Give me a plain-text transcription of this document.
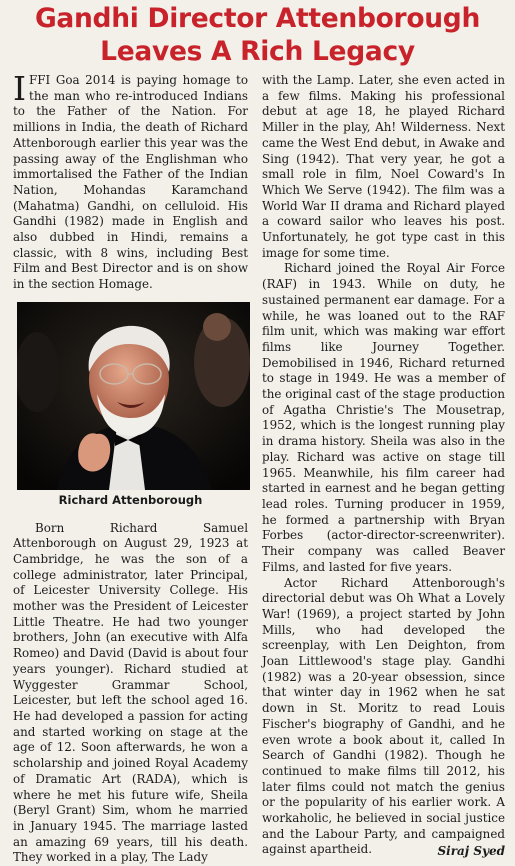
Gandhi Director Attenborough
Leaves A Rich Legacy

IFFI Goa 2014 is paying homage to the man who re-introduced Indians to the Father of the Nation. For millions in India, the death of Richard Attenborough earlier this year was the passing away of the Englishman who immortalised the Father of the Indian Nation, Mohandas Karamchand (Mahatma) Gandhi, on celluloid. His Gandhi (1982) made in English and also dubbed in Hindi, remains a classic, with 8 wins, including Best Film and Best Director and is on show in the section Homage.

Richard Attenborough

Born Richard Samuel Attenborough on August 29, 1923 at Cambridge, he was the son of a college administrator, later Principal, of Leicester University College. His mother was the President of Leicester Little Theatre. He had two younger brothers, John (an executive with Alfa Romeo) and David (David is about four years younger). Richard studied at Wyggester Grammar School, Leicester, but left the school aged 16. He had developed a passion for acting and started working on stage at the age of 12. Soon afterwards, he won a scholarship and joined Royal Academy of Dramatic Art (RADA), which is where he met his future wife, Sheila (Beryl Grant) Sim, whom he married in January 1945. The marriage lasted an amazing 69 years, till his death. They worked in a play, The Lady

with the Lamp. Later, she even acted in a few films. Making his professional debut at age 18, he played Richard Miller in the play, Ah! Wilderness. Next came the West End debut, in Awake and Sing (1942). That very year, he got a small role in film, Noel Coward's In Which We Serve (1942). The film was a World War II drama and Richard played a coward sailor who leaves his post. Unfortunately, he got type cast in this image for some time.

Richard joined the Royal Air Force (RAF) in 1943. While on duty, he sustained permanent ear damage. For a while, he was loaned out to the RAF film unit, which was making war effort films like Journey Together. Demobilised in 1946, Richard returned to stage in 1949. He was a member of the original cast of the stage production of Agatha Christie's The Mousetrap, 1952, which is the longest running play in drama history. Sheila was also in the play. Richard was active on stage till 1965. Meanwhile, his film career had started in earnest and he began getting lead roles. Turning producer in 1959, he formed a partnership with Bryan Forbes (actor-director-screenwriter). Their company was called Beaver Films, and lasted for five years.

Actor Richard Attenborough's directorial debut was Oh What a Lovely War! (1969), a project started by John Mills, who had developed the screenplay, with Len Deighton, from Joan Littlewood's stage play. Gandhi (1982) was a 20-year obsession, since that winter day in 1962 when he sat down in St. Moritz to read Louis Fischer's biography of Gandhi, and he even wrote a book about it, called In Search of Gandhi (1982). Though he continued to make films till 2012, his later films could not match the genius or the popularity of his earlier work. A workaholic, he believed in social justice and the Labour Party, and campaigned against apartheid.	Siraj Syed
